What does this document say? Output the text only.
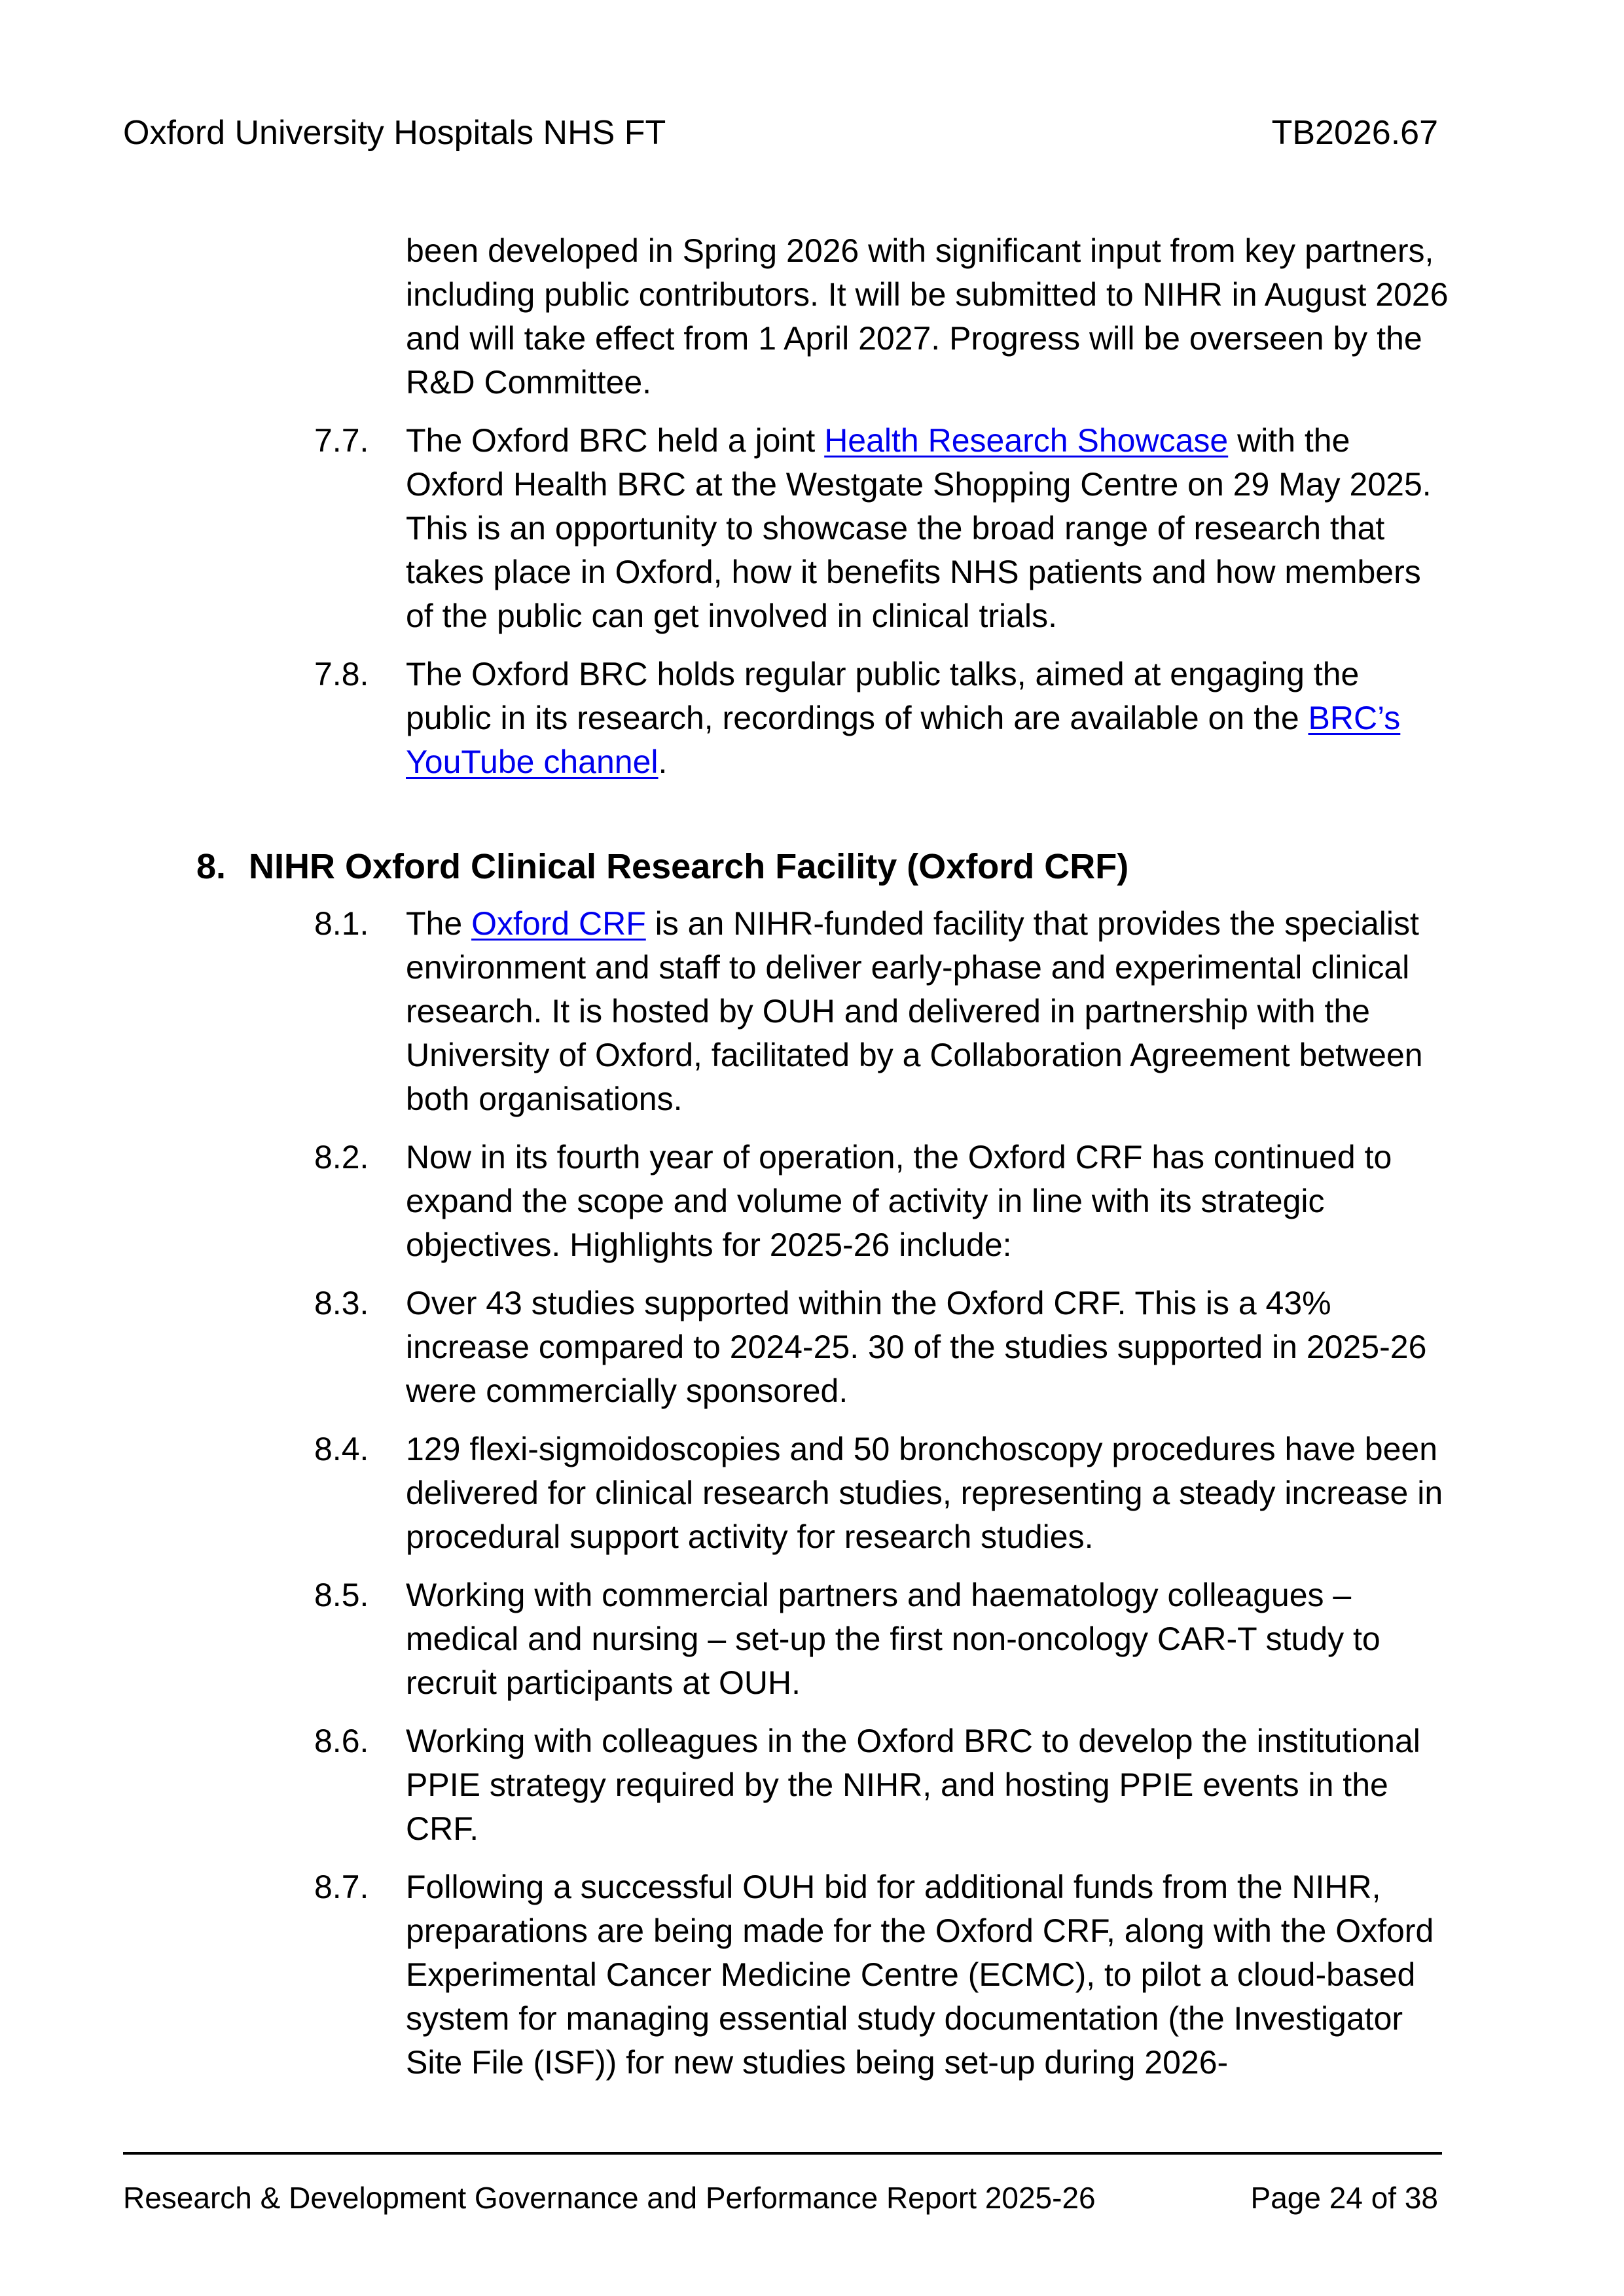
Oxford University Hospitals NHS FT	TB2026.67

been developed in Spring 2026 with significant input from key partners, including public contributors. It will be submitted to NIHR in August 2026 and will take effect from 1 April 2027. Progress will be overseen by the R&D Committee.

7.7. The Oxford BRC held a joint Health Research Showcase with the Oxford Health BRC at the Westgate Shopping Centre on 29 May 2025. This is an opportunity to showcase the broad range of research that takes place in Oxford, how it benefits NHS patients and how members of the public can get involved in clinical trials.
7.8. The Oxford BRC holds regular public talks, aimed at engaging the public in its research, recordings of which are available on the BRC’s YouTube channel.
8. NIHR Oxford Clinical Research Facility (Oxford CRF)
8.1. The Oxford CRF is an NIHR-funded facility that provides the specialist environment and staff to deliver early-phase and experimental clinical research. It is hosted by OUH and delivered in partnership with the University of Oxford, facilitated by a Collaboration Agreement between both organisations.
8.2. Now in its fourth year of operation, the Oxford CRF has continued to expand the scope and volume of activity in line with its strategic objectives. Highlights for 2025-26 include:
8.3. Over 43 studies supported within the Oxford CRF. This is a 43% increase compared to 2024-25. 30 of the studies supported in 2025-26 were commercially sponsored.
8.4. 129 flexi-sigmoidoscopies and 50 bronchoscopy procedures have been delivered for clinical research studies, representing a steady increase in procedural support activity for research studies.
8.5. Working with commercial partners and haematology colleagues – medical and nursing – set-up the first non-oncology CAR-T study to recruit participants at OUH.
8.6. Working with colleagues in the Oxford BRC to develop the institutional PPIE strategy required by the NIHR, and hosting PPIE events in the CRF.
8.7. Following a successful OUH bid for additional funds from the NIHR, preparations are being made for the Oxford CRF, along with the Oxford Experimental Cancer Medicine Centre (ECMC), to pilot a cloud-based system for managing essential study documentation (the Investigator Site File (ISF)) for new studies being set-up during 2026-
Research & Development Governance and Performance Report 2025-26	Page 24 of 38
